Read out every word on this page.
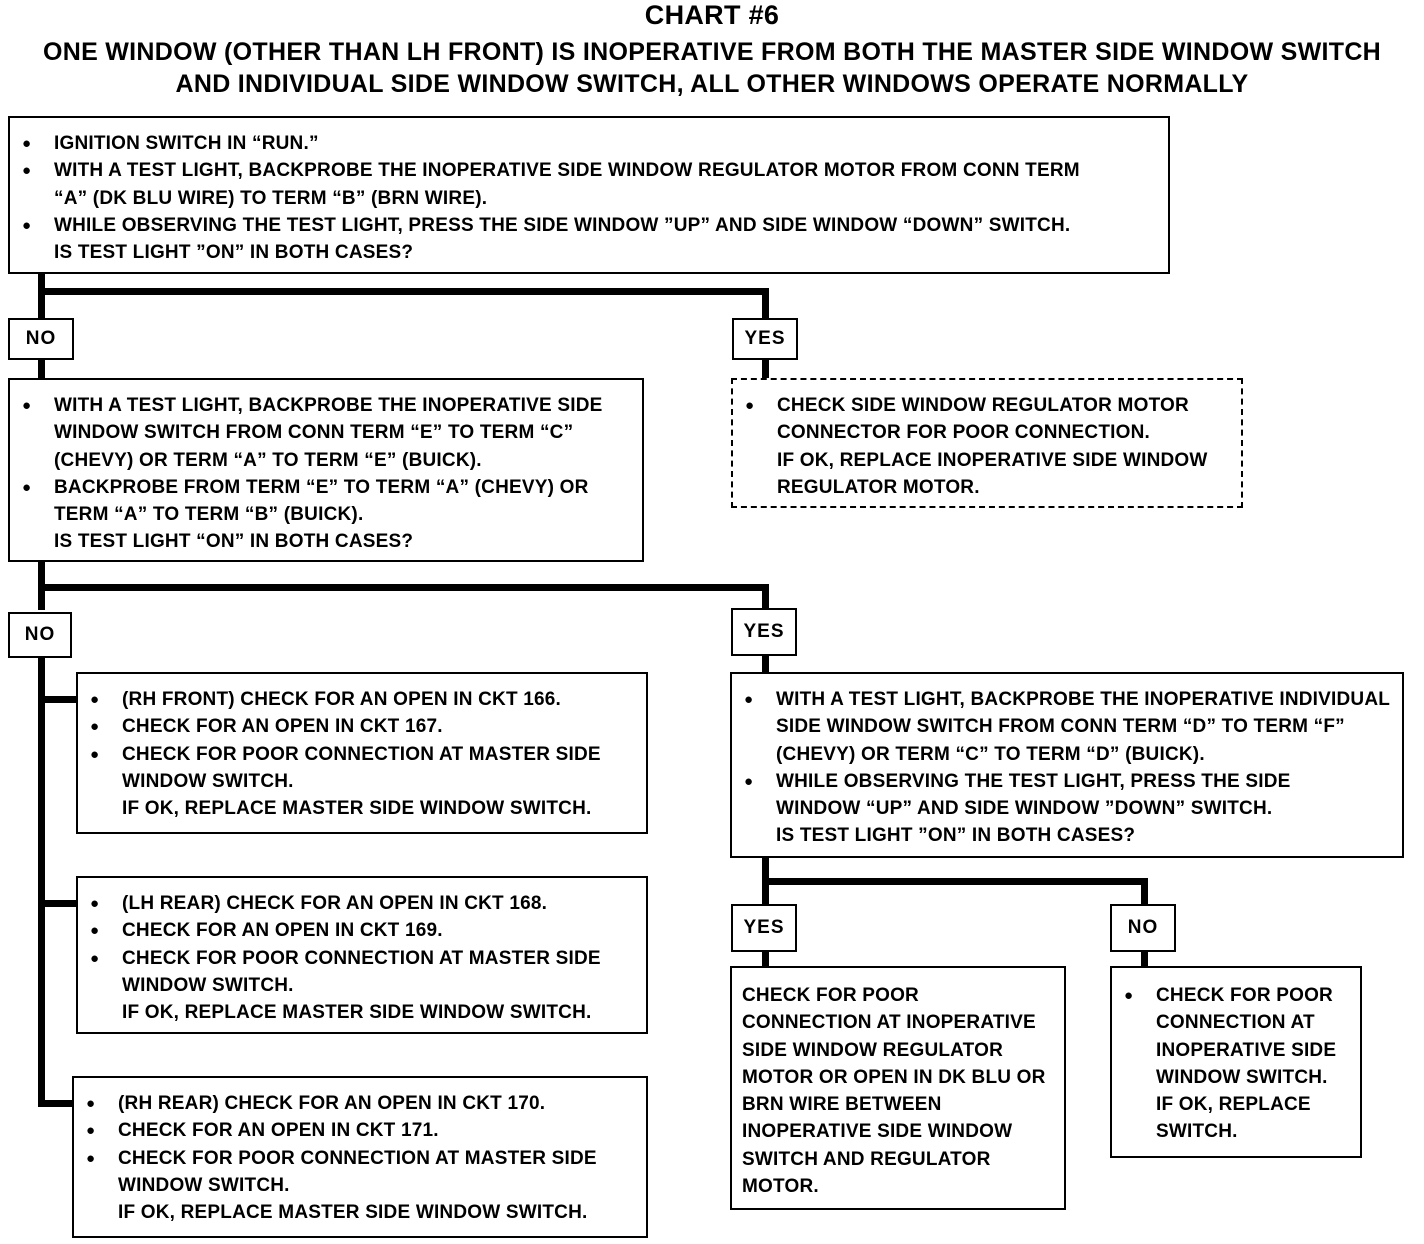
CHART #6
ONE WINDOW (OTHER THAN LH FRONT) IS INOPERATIVE FROM BOTH THE MASTER SIDE WINDOW SWITCH
AND INDIVIDUAL SIDE WINDOW SWITCH, ALL OTHER WINDOWS OPERATE NORMALLY
● IGNITION SWITCH IN “RUN.”
● WITH A TEST LIGHT, BACKPROBE THE INOPERATIVE SIDE WINDOW REGULATOR MOTOR FROM CONN TERM “A” (DK BLU WIRE) TO TERM “B” (BRN WIRE).
● WHILE OBSERVING THE TEST LIGHT, PRESS THE SIDE WINDOW ”UP” AND SIDE WINDOW “DOWN” SWITCH.
IS TEST LIGHT ”ON” IN BOTH CASES?
NO	YES
● WITH A TEST LIGHT, BACKPROBE THE INOPERATIVE SIDE WINDOW SWITCH FROM CONN TERM “E” TO TERM “C” (CHEVY) OR TERM “A” TO TERM “E” (BUICK).
● BACKPROBE FROM TERM “E” TO TERM “A” (CHEVY) OR TERM “A” TO TERM “B” (BUICK).
IS TEST LIGHT “ON” IN BOTH CASES?
● CHECK SIDE WINDOW REGULATOR MOTOR CONNECTOR FOR POOR CONNECTION.
IF OK, REPLACE INOPERATIVE SIDE WINDOW REGULATOR MOTOR.
NO	YES
● (RH FRONT) CHECK FOR AN OPEN IN CKT 166.
● CHECK FOR AN OPEN IN CKT 167.
● CHECK FOR POOR CONNECTION AT MASTER SIDE WINDOW SWITCH.
IF OK, REPLACE MASTER SIDE WINDOW SWITCH.
● (LH REAR) CHECK FOR AN OPEN IN CKT 168.
● CHECK FOR AN OPEN IN CKT 169.
● CHECK FOR POOR CONNECTION AT MASTER SIDE WINDOW SWITCH.
IF OK, REPLACE MASTER SIDE WINDOW SWITCH.
● (RH REAR) CHECK FOR AN OPEN IN CKT 170.
● CHECK FOR AN OPEN IN CKT 171.
● CHECK FOR POOR CONNECTION AT MASTER SIDE WINDOW SWITCH.
IF OK, REPLACE MASTER SIDE WINDOW SWITCH.
● WITH A TEST LIGHT, BACKPROBE THE INOPERATIVE INDIVIDUAL SIDE WINDOW SWITCH FROM CONN TERM “D” TO TERM “F” (CHEVY) OR TERM “C” TO TERM “D” (BUICK).
● WHILE OBSERVING THE TEST LIGHT, PRESS THE SIDE WINDOW “UP” AND SIDE WINDOW ”DOWN” SWITCH.
IS TEST LIGHT ”ON” IN BOTH CASES?
YES	NO
CHECK FOR POOR CONNECTION AT INOPERATIVE SIDE WINDOW REGULATOR MOTOR OR OPEN IN DK BLU OR BRN WIRE BETWEEN INOPERATIVE SIDE WINDOW SWITCH AND REGULATOR MOTOR.
● CHECK FOR POOR CONNECTION AT INOPERATIVE SIDE WINDOW SWITCH.
IF OK, REPLACE SWITCH.
